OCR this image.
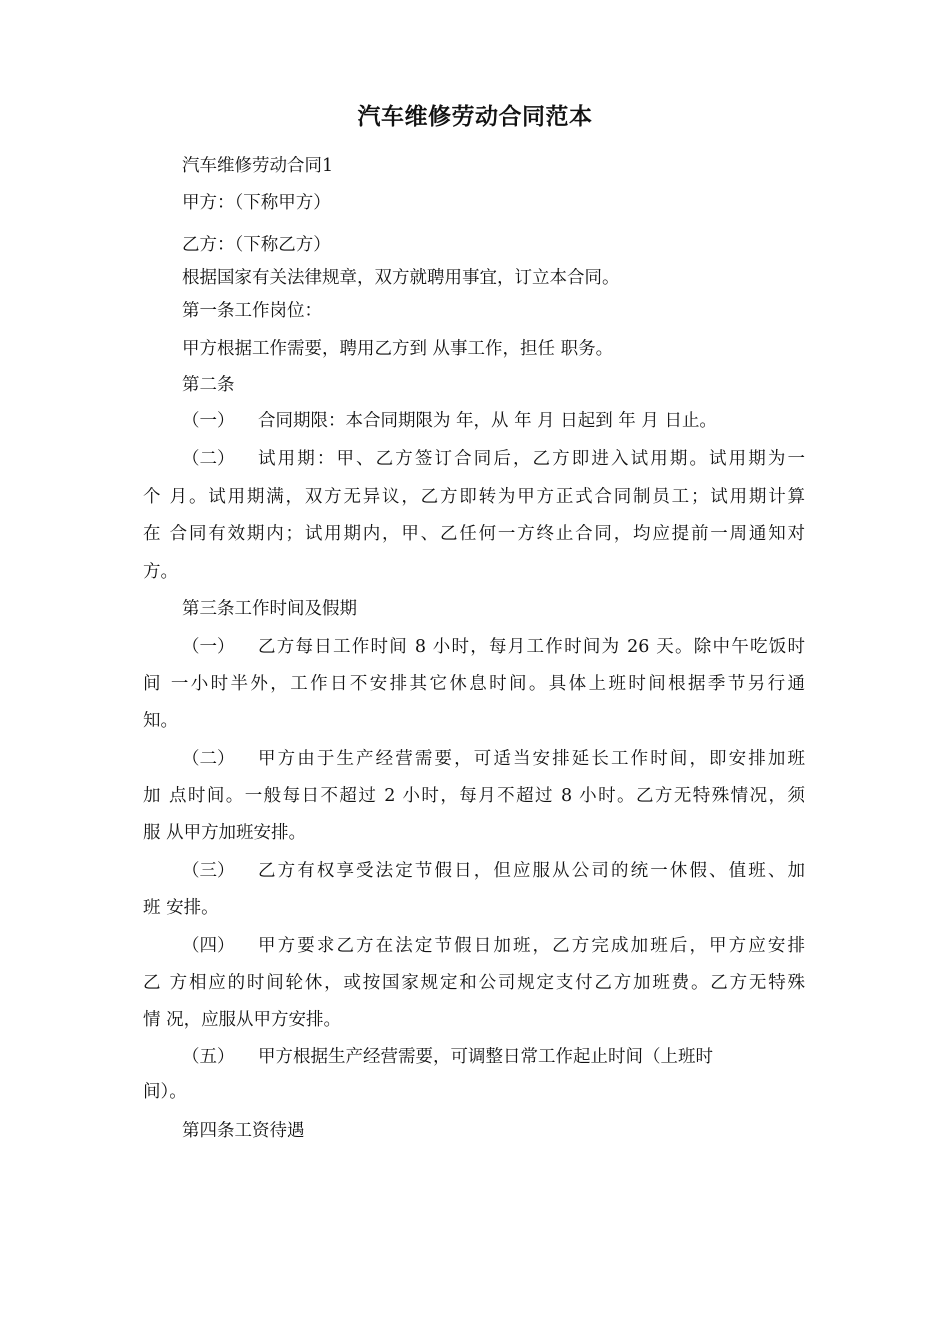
汽车维修劳动合同范本
汽车维修劳动合同1
甲方：（下称甲方）
乙方：（下称乙方）
根据国家有关法律规章，双方就聘用事宜，订立本合同。
第一条工作岗位：
甲方根据工作需要，聘用乙方到 从事工作，担任 职务。
第二条
（一） 合同期限：本合同期限为 年，从 年 月 日起到 年 月 日止。
（二） 试用期：甲、乙方签订合同后，乙方即进入试用期。试用期为一
个 月。试用期满，双方无异议，乙方即转为甲方正式合同制员工；试用期计算
在 合同有效期内；试用期内，甲、乙任何一方终止合同，均应提前一周通知对
方。
第三条工作时间及假期
（一） 乙方每日工作时间 8 小时，每月工作时间为 26 天。除中午吃饭时
间 一小时半外，工作日不安排其它休息时间。具体上班时间根据季节另行通
知。
（二） 甲方由于生产经营需要，可适当安排延长工作时间，即安排加班
加 点时间。一般每日不超过 2 小时，每月不超过 8 小时。乙方无特殊情况，须
服 从甲方加班安排。
（三） 乙方有权享受法定节假日，但应服从公司的统一休假、值班、加
班 安排。
（四） 甲方要求乙方在法定节假日加班，乙方完成加班后，甲方应安排
乙 方相应的时间轮休，或按国家规定和公司规定支付乙方加班费。乙方无特殊
情 况，应服从甲方安排。
（五） 甲方根据生产经营需要，可调整日常工作起止时间（上班时
间）。
第四条工资待遇
